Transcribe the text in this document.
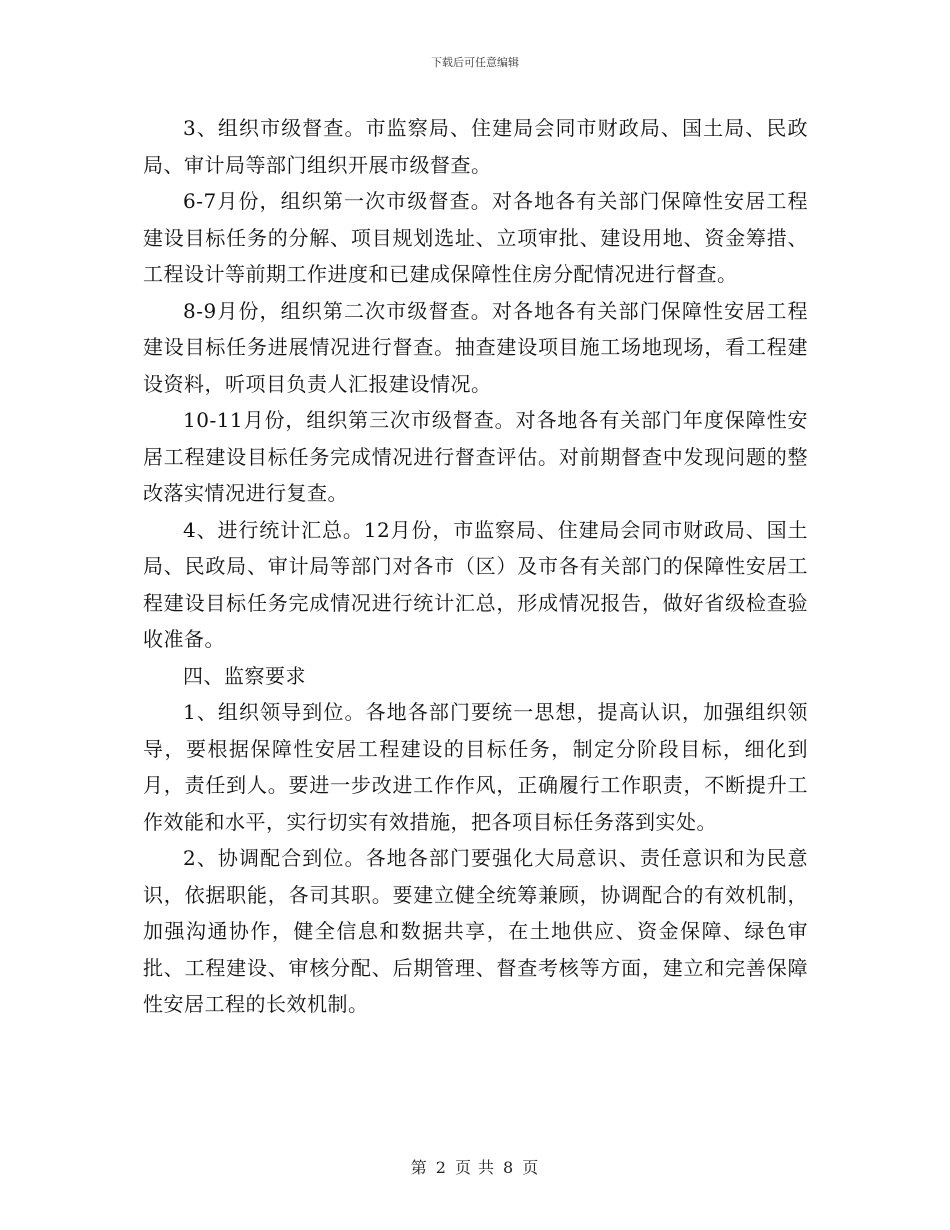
下载后可任意编辑

3、组织市级督查。市监察局、住建局会同市财政局、国土局、民政局、审计局等部门组织开展市级督查。

6-7月份，组织第一次市级督查。对各地各有关部门保障性安居工程建设目标任务的分解、项目规划选址、立项审批、建设用地、资金筹措、工程设计等前期工作进度和已建成保障性住房分配情况进行督查。

8-9月份，组织第二次市级督查。对各地各有关部门保障性安居工程建设目标任务进展情况进行督查。抽查建设项目施工场地现场，看工程建设资料，听项目负责人汇报建设情况。

10-11月份，组织第三次市级督查。对各地各有关部门年度保障性安居工程建设目标任务完成情况进行督查评估。对前期督查中发现问题的整改落实情况进行复查。

4、进行统计汇总。12月份，市监察局、住建局会同市财政局、国土局、民政局、审计局等部门对各市（区）及市各有关部门的保障性安居工程建设目标任务完成情况进行统计汇总，形成情况报告，做好省级检查验收准备。

四、监察要求

1、组织领导到位。各地各部门要统一思想，提高认识，加强组织领导，要根据保障性安居工程建设的目标任务，制定分阶段目标，细化到月，责任到人。要进一步改进工作作风，正确履行工作职责，不断提升工作效能和水平，实行切实有效措施，把各项目标任务落到实处。

2、协调配合到位。各地各部门要强化大局意识、责任意识和为民意识，依据职能，各司其职。要建立健全统筹兼顾，协调配合的有效机制，加强沟通协作，健全信息和数据共享，在土地供应、资金保障、绿色审批、工程建设、审核分配、后期管理、督查考核等方面，建立和完善保障性安居工程的长效机制。

第 2 页 共 8 页
